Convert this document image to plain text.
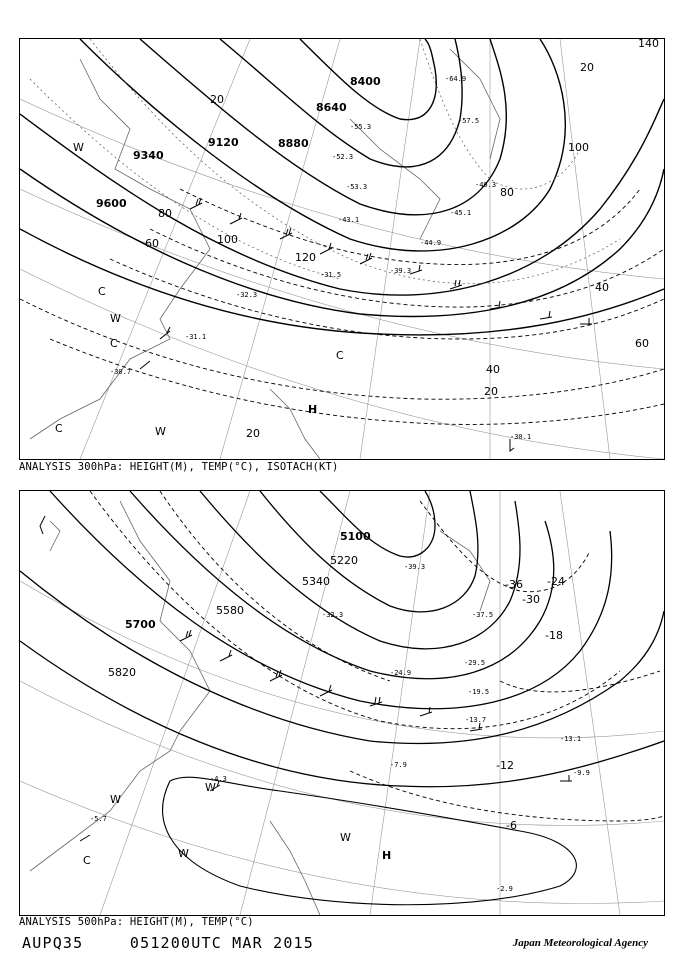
9600
9120	8880
8640
8400
9340
20
20
40
40
60
60
80
80
100
100
120
20
20
140
-30.7
-31.1
-32.3
-31.5	-39.3
-43.1
-44.9
-45.1
-49.3
-52.3
-53.3
-55.3
-57.5
-64.9
-30.1
W
C
W
C
H
W
C
C
ANALYSIS 300hPa: HEIGHT(M), TEMP(°C), ISOTACH(KT)
5100
5220
5340
5580
5700
5820
-36
-30
-24
-18
-12
-6
-39.3
-37.5
-32.3
-29.5
-24.9
-19.5
-13.7
-13.1
-9.9
-7.9
-5.7
-4.3
-2.9
W
W
C
W
W
H
ANALYSIS 500hPa: HEIGHT(M), TEMP(°C)
AUPQ35	051200UTC MAR 2015	Japan Meteorological Agency
